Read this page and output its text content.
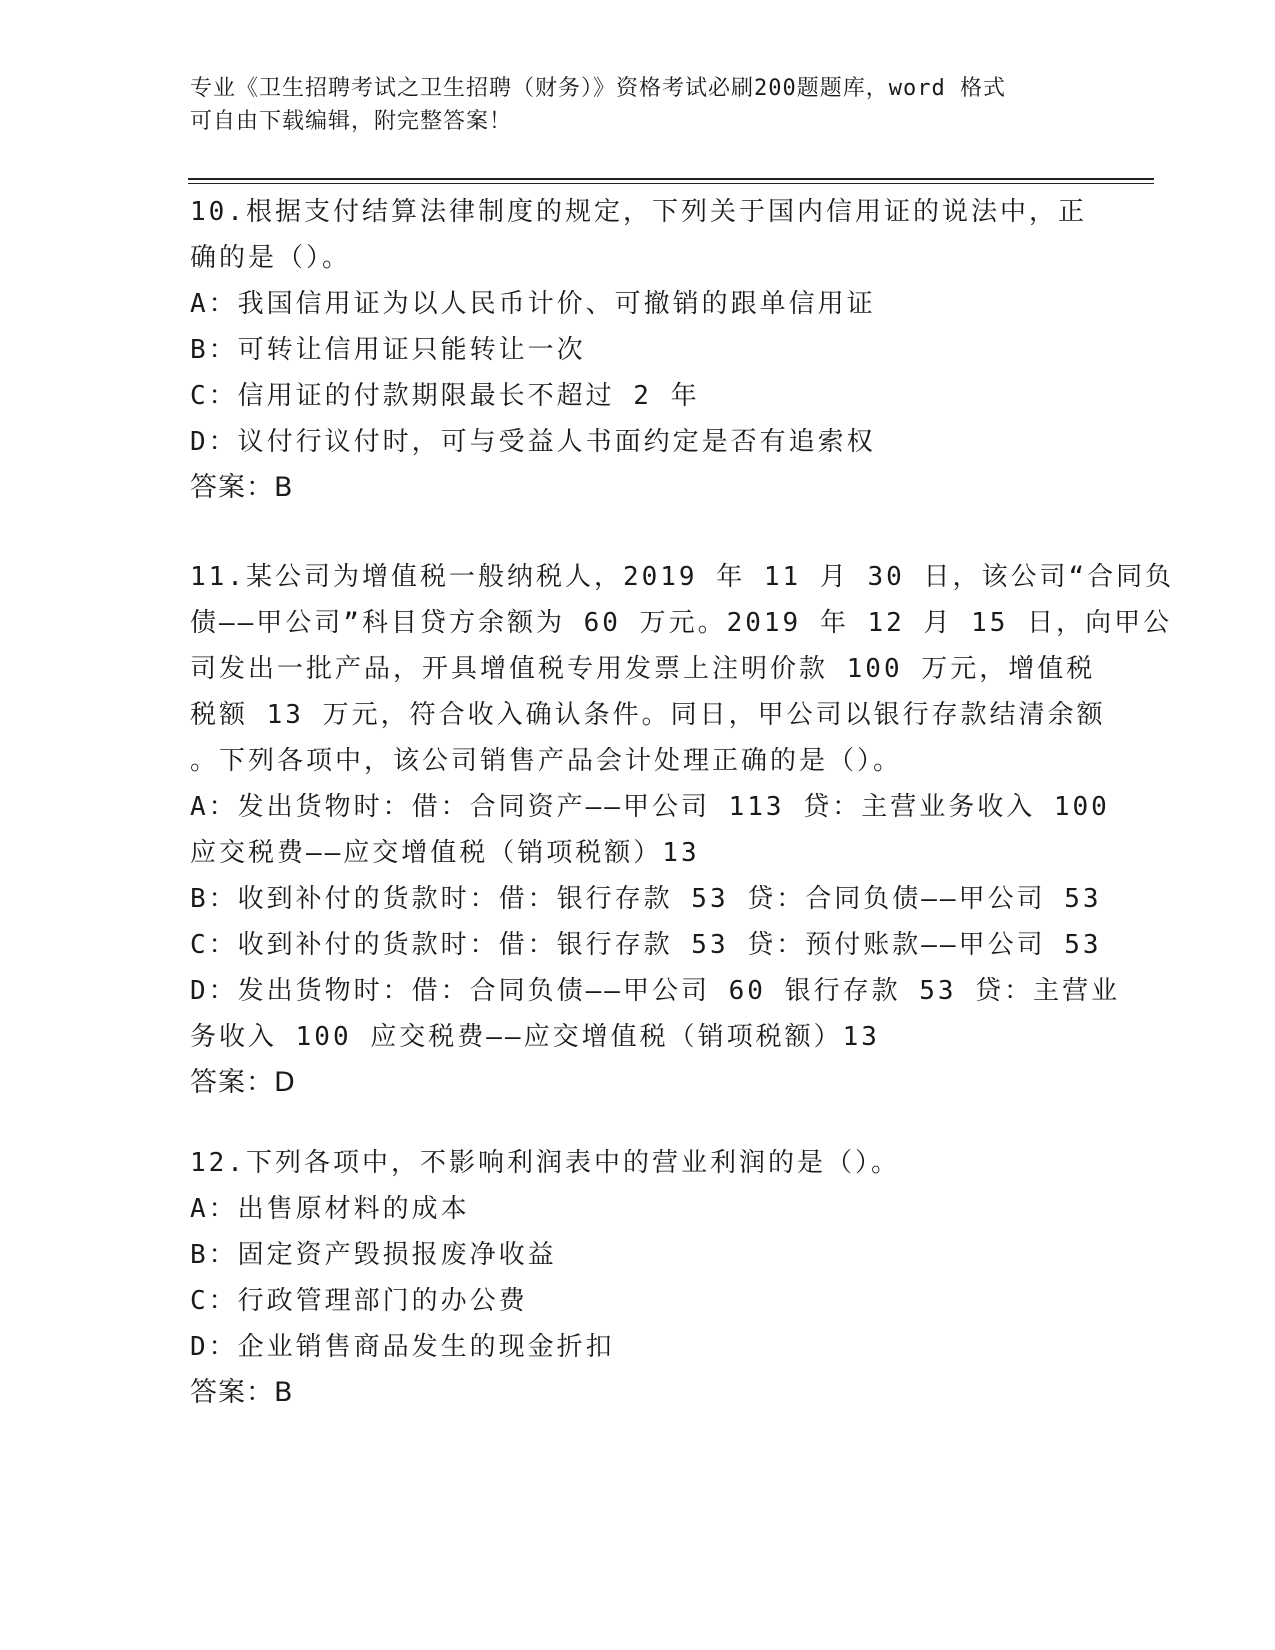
专业《卫生招聘考试之卫生招聘（财务）》资格考试必刷200题题库，word 格式
可自由下载编辑，附完整答案！
10.根据支付结算法律制度的规定，下列关于国内信用证的说法中，正
确的是（）。
A：我国信用证为以人民币计价、可撤销的跟单信用证
B：可转让信用证只能转让一次
C：信用证的付款期限最长不超过 2 年
D：议付行议付时，可与受益人书面约定是否有追索权
答案：B
11.某公司为增值税一般纳税人，2019 年 11 月 30 日，该公司“合同负
债——甲公司”科目贷方余额为 60 万元。2019 年 12 月 15 日，向甲公
司发出一批产品，开具增值税专用发票上注明价款 100 万元，增值税
税额 13 万元，符合收入确认条件。同日，甲公司以银行存款结清余额
。下列各项中，该公司销售产品会计处理正确的是（）。
A：发出货物时：借：合同资产——甲公司 113 贷：主营业务收入 100
应交税费——应交增值税（销项税额）13
B：收到补付的货款时：借：银行存款 53 贷：合同负债——甲公司 53
C：收到补付的货款时：借：银行存款 53 贷：预付账款——甲公司 53
D：发出货物时：借：合同负债——甲公司 60 银行存款 53 贷：主营业
务收入 100 应交税费——应交增值税（销项税额）13
答案：D
12.下列各项中，不影响利润表中的营业利润的是（）。
A：出售原材料的成本
B：固定资产毁损报废净收益
C：行政管理部门的办公费
D：企业销售商品发生的现金折扣
答案：B
